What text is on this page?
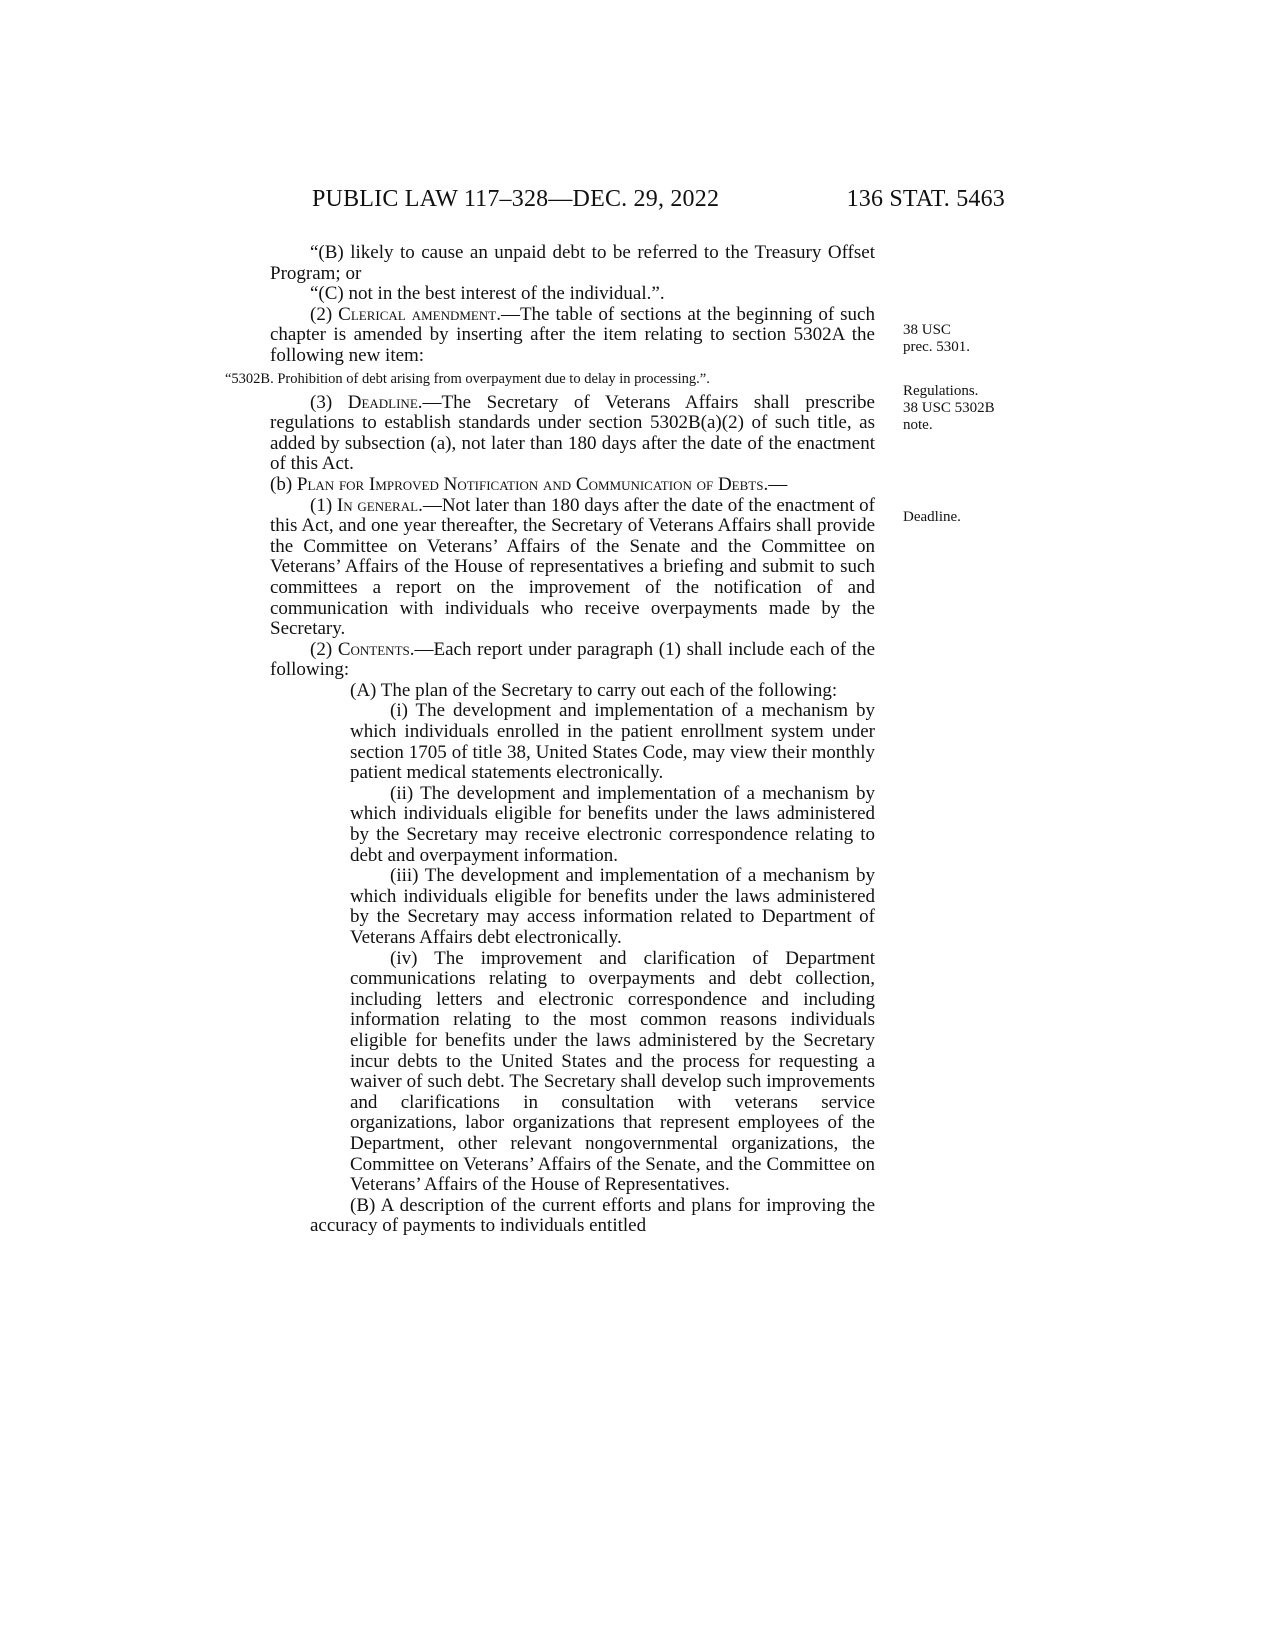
PUBLIC LAW 117–328—DEC. 29, 2022	136 STAT. 5463
38 USC
prec. 5301.
Regulations.
38 USC 5302B
note.
Deadline.

“(B) likely to cause an unpaid debt to be referred to the Treasury Offset Program; or

“(C) not in the best interest of the individual.”.

(2) Clerical amendment.—The table of sections at the beginning of such chapter is amended by inserting after the item relating to section 5302A the following new item:

“5302B. Prohibition of debt arising from overpayment due to delay in processing.”.

(3) Deadline.—The Secretary of Veterans Affairs shall prescribe regulations to establish standards under section 5302B(a)(2) of such title, as added by subsection (a), not later than 180 days after the date of the enactment of this Act.

(b) Plan for Improved Notification and Communication of Debts.—

(1) In general.—Not later than 180 days after the date of the enactment of this Act, and one year thereafter, the Secretary of Veterans Affairs shall provide the Committee on Veterans’ Affairs of the Senate and the Committee on Veterans’ Affairs of the House of representatives a briefing and submit to such committees a report on the improvement of the notification of and communication with individuals who receive overpayments made by the Secretary.

(2) Contents.—Each report under paragraph (1) shall include each of the following:

(A) The plan of the Secretary to carry out each of the following:

(i) The development and implementation of a mechanism by which individuals enrolled in the patient enrollment system under section 1705 of title 38, United States Code, may view their monthly patient medical statements electronically.

(ii) The development and implementation of a mechanism by which individuals eligible for benefits under the laws administered by the Secretary may receive electronic correspondence relating to debt and overpayment information.

(iii) The development and implementation of a mechanism by which individuals eligible for benefits under the laws administered by the Secretary may access information related to Department of Veterans Affairs debt electronically.

(iv) The improvement and clarification of Department communications relating to overpayments and debt collection, including letters and electronic correspondence and including information relating to the most common reasons individuals eligible for benefits under the laws administered by the Secretary incur debts to the United States and the process for requesting a waiver of such debt. The Secretary shall develop such improvements and clarifications in consultation with veterans service organizations, labor organizations that represent employees of the Department, other relevant nongovernmental organizations, the Committee on Veterans’ Affairs of the Senate, and the Committee on Veterans’ Affairs of the House of Representatives.

(B) A description of the current efforts and plans for improving the accuracy of payments to individuals entitled
